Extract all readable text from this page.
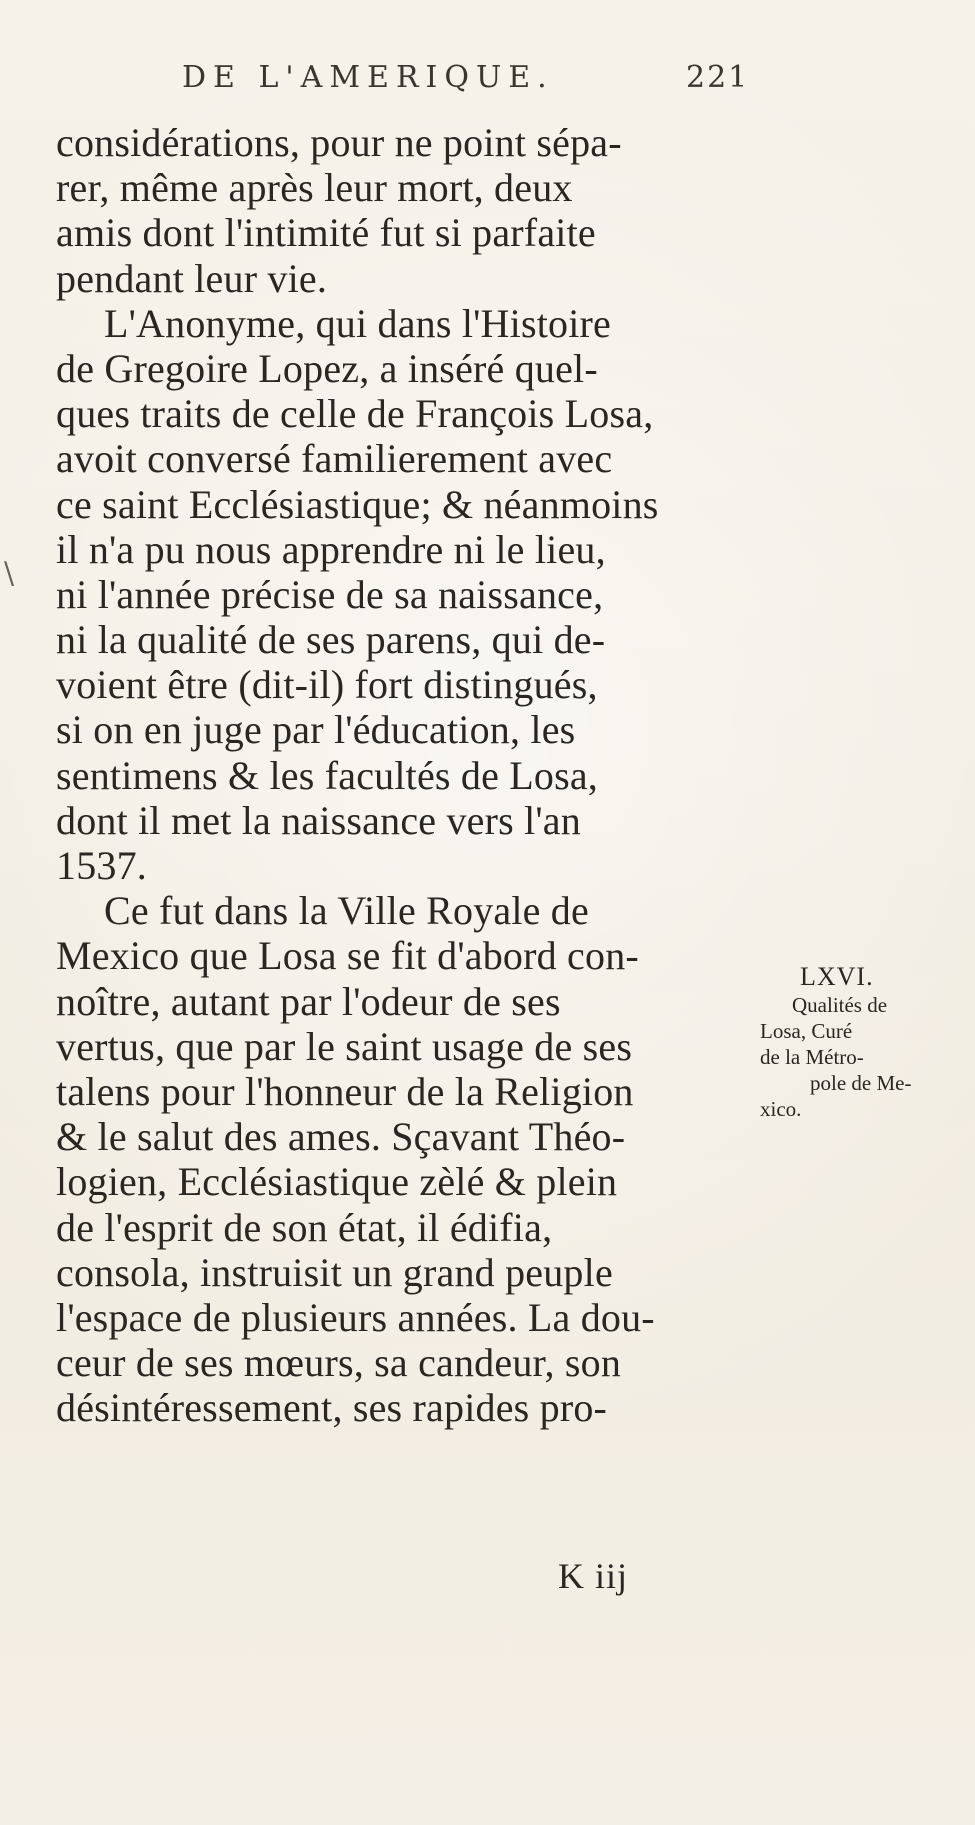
DE L'AMERIQUE.	221
\
considérations, pour ne point sépa-
rer, même après leur mort, deux
amis dont l'intimité fut si parfaite
pendant leur vie.
L'Anonyme, qui dans l'Histoire
de Gregoire Lopez, a inséré quel-
ques traits de celle de François Losa,
avoit conversé familierement avec
ce saint Ecclésiastique; & néanmoins
il n'a pu nous apprendre ni le lieu,
ni l'année précise de sa naissance,
ni la qualité de ses parens, qui de-
voient être (dit-il) fort distingués,
si on en juge par l'éducation, les
sentimens & les facultés de Losa,
dont il met la naissance vers l'an
1537.
Ce fut dans la Ville Royale de
Mexico que Losa se fit d'abord con-
noître, autant par l'odeur de ses
vertus, que par le saint usage de ses
talens pour l'honneur de la Religion
& le salut des ames. Sçavant Théo-
logien, Ecclésiastique zèlé & plein
de l'esprit de son état, il édifia,
consola, instruisit un grand peuple
l'espace de plusieurs années. La dou-
ceur de ses mœurs, sa candeur, son
désintéressement, ses rapides pro-
LXVI.
Qualités de
Losa, Curé
de la Métro-
pole de Me-
xico.
K iij
